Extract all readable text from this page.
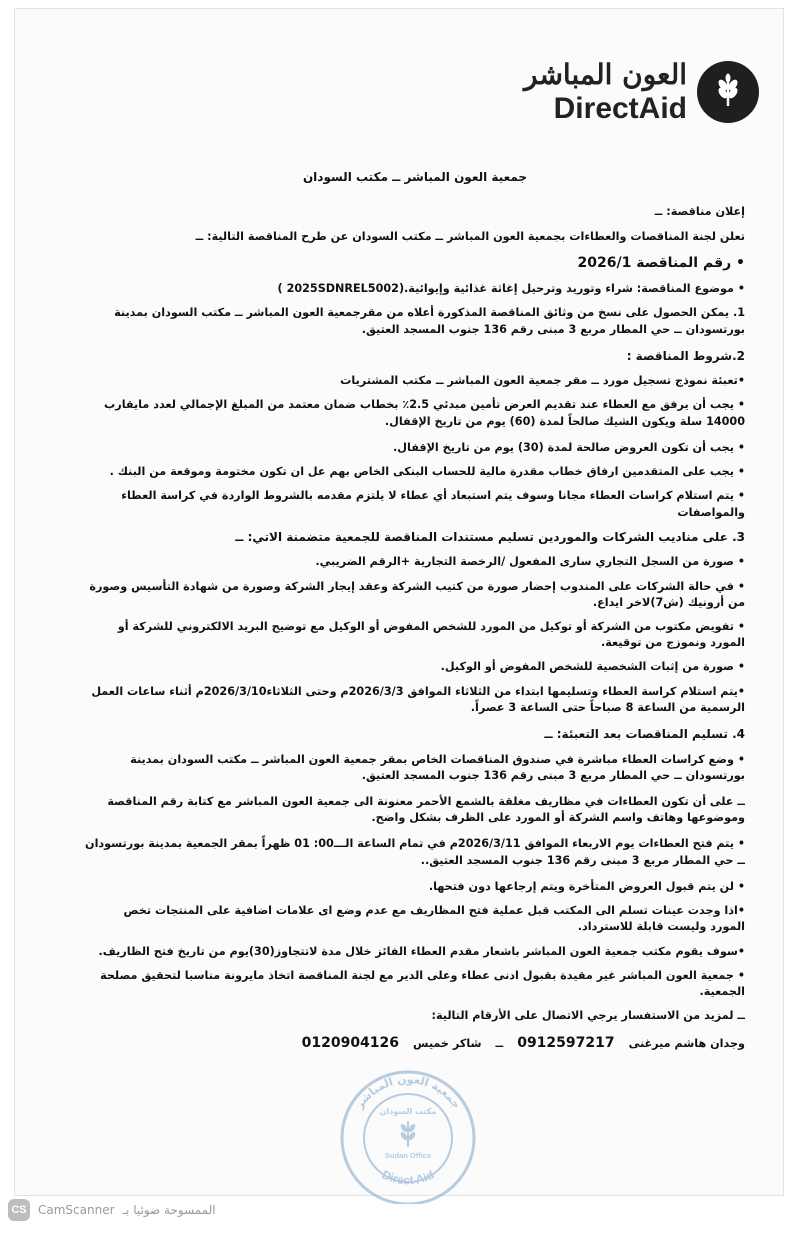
العون المباشر
DirectAid

جمعية العون المباشر ــ مكتب السودان

إعلان مناقصة: ــ

تعلن لجنة المناقصات والعطاءات بجمعية العون المباشر ــ مكتب السودان عن طرح المناقصة التالية: ــ

• رقم المناقصة 2026/1

• موضوع المناقصة: شراء وتوريد وترحيل إغاثة غذائية وإيوائية.(2025SDNREL5002 )

1. يمكن الحصول على نسخ من وثائق المناقصة المذكورة أعلاه من مقرجمعية العون المباشر ــ مكتب السودان بمدينة بورتسودان ــ حي المطار مربع 3 مبنى رقم 136 جنوب المسجد العتيق.

2.شروط المناقصة :

•تعبئة نموذج تسجيل مورد ــ مقر جمعية العون المباشر ــ مكتب المشتريات

• يجب أن يرفق مع العطاء عند تقديم العرض تأمين مبدئي 2.5٪ بخطاب ضمان معتمد من المبلغ الإجمالي لعدد مايقارب 14000 سلة ويكون الشيك صالحاً لمدة (60) يوم من تاريخ الإقفال.

• يجب أن تكون العروض صالحة لمدة (30) يوم من تاريخ الإقفال.

• يجب على المتقدمين ارفاق خطاب مقدرة مالية للحساب البنكى الخاص بهم عل ان تكون مختومة وموقعة من البنك .

• يتم استلام كراسات العطاء مجانا وسوف يتم استبعاد أي عطاء لا يلتزم مقدمه بالشروط الواردة في كراسة العطاء والمواصفات

3. على مناديب الشركات والموردين تسليم مستندات المناقصة للجمعية متضمنة الاتي: ــ

• صورة من السجل التجاري سارى المفعول /الرخصة التجارية +الرقم الضريبي.

• في حالة الشركات على المندوب إحضار صورة من كتيب الشركة وعقد إيجار الشركة وصورة من شهادة التأسيس وصورة من أرونيك (ش7)لاخر ايداع.

• تفويض مكتوب من الشركة أو توكيل من المورد للشخص المفوض أو الوكيل مع توضيح البريد الالكتروني للشركة أو المورد ونموزج من توقيعة.

• صورة من إثبات الشخصية للشخص المفوض أو الوكيل.

•يتم استلام كراسة العطاء وتسليمها ابتداء من الثلاثاء الموافق 2026/3/3م وحتى الثلاثاء2026/3/10م أثناء ساعات العمل الرسمية من الساعة 8 صباحاً حتى الساعة 3 عصراً.

4. تسليم المناقصات بعد التعبئة: ــ

• وضع كراسات العطاء مباشرة في صندوق المناقصات الخاص بمقر جمعية العون المباشر ــ مكتب السودان بمدينة بورتسودان ــ حي المطار مربع 3 مبنى رقم 136 جنوب المسجد العتيق.

ــ على أن تكون العطاءات في مظاريف مغلقة بالشمع الأحمر معنونة الى جمعية العون المباشر مع كتابة رقم المناقصة وموضوعها وهاتف واسم الشركة أو المورد على الظرف بشكل واضح.

• يتم فتح العطاءات يوم الاربعاء الموافق 2026/3/11م في تمام الساعة الـــ00: 01 ظهراً بمقر الجمعية بمدينة بورتسودان ــ حي المطار مربع 3 مبنى رقم 136 جنوب المسجد العتيق..

• لن يتم قبول العروض المتأخرة ويتم إرجاعها دون فتحها.

•اذا وجدت عينات تسلم الى المكتب قبل عملية فتح المظاريف مع عدم وضع اى علامات اضافية على المنتجات تخص المورد وليست قابلة للاسترداد.

•سوف يقوم مكتب جمعية العون المباشر باشعار مقدم العطاء الفائز خلال مدة لاتتجاوز(30)يوم من تاريخ فتح الظاريف.

• جمعية العون المباشر غير مقيدة بقبول ادنى عطاء وعلى الدير مع لجنة المناقصة اتخاذ مايرونة مناسبا لتحقيق مصلحة الجمعية.

ــ لمزيد من الاستفسار يرجي الاتصال على الأرقام التالية:

وجدان هاشم ميرغنى
0912597217
ــ
شاكر خميس
0120904126
جمعية العون المباشر
مكتب السودان
Sudan Office
Direct Aid
CS CamScanner الممسوحة ضوئيا بـ
